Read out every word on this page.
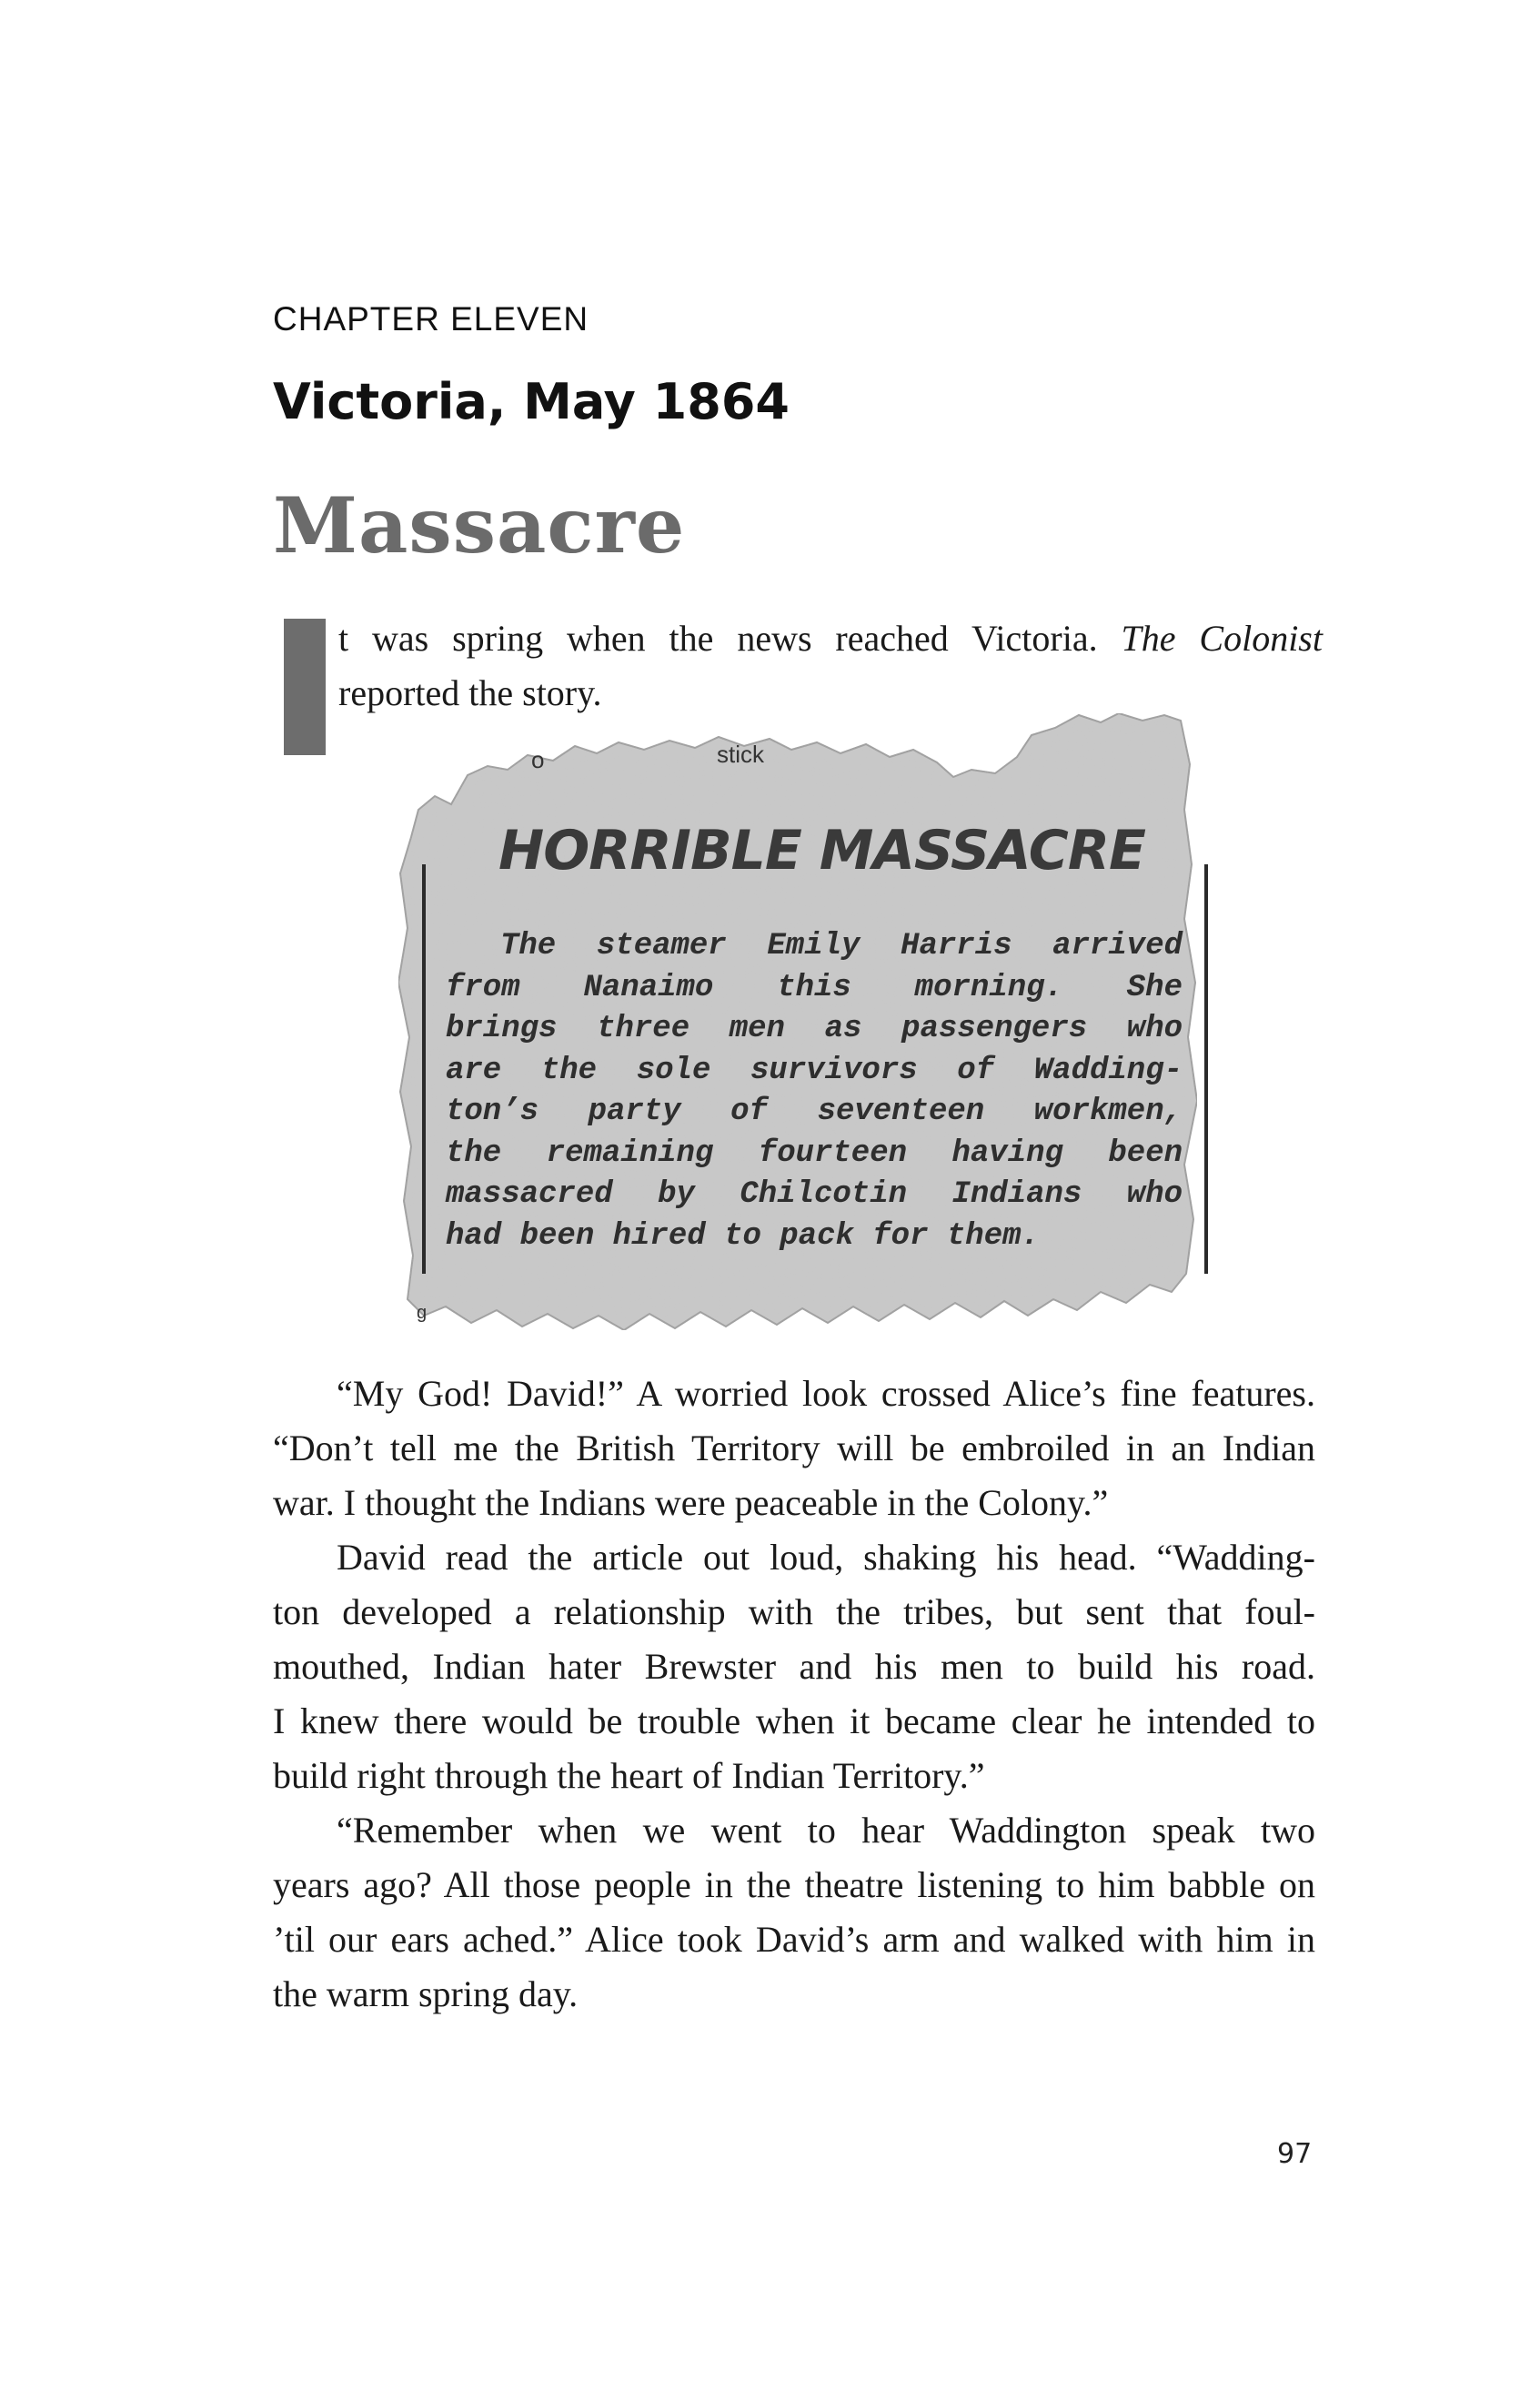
CHAPTER ELEVEN
Victoria, May 1864
Massacre
t was spring when the news reached Victoria. The Colonist
reported the story.
o	stick
HORRIBLE MASSACRE
The steamer Emily Harris arrived
from Nanaimo this morning. She
brings three men as passengers who
are the sole survivors of Wadding-
ton’s party of seventeen workmen,
the remaining fourteen having been
massacred by Chilcotin Indians who
had been hired to pack for them.
g
“My God! David!” A worried look crossed Alice’s fine features.
“Don’t tell me the British Territory will be embroiled in an Indian
war. I thought the Indians were peaceable in the Colony.”
David read the article out loud, shaking his head. “Wadding-
ton developed a relationship with the tribes, but sent that foul-
mouthed, Indian hater Brewster and his men to build his road.
I knew there would be trouble when it became clear he intended to
build right through the heart of Indian Territory.”
“Remember when we went to hear Waddington speak two
years ago? All those people in the theatre listening to him babble on
’til our ears ached.” Alice took David’s arm and walked with him in
the warm spring day.
97
